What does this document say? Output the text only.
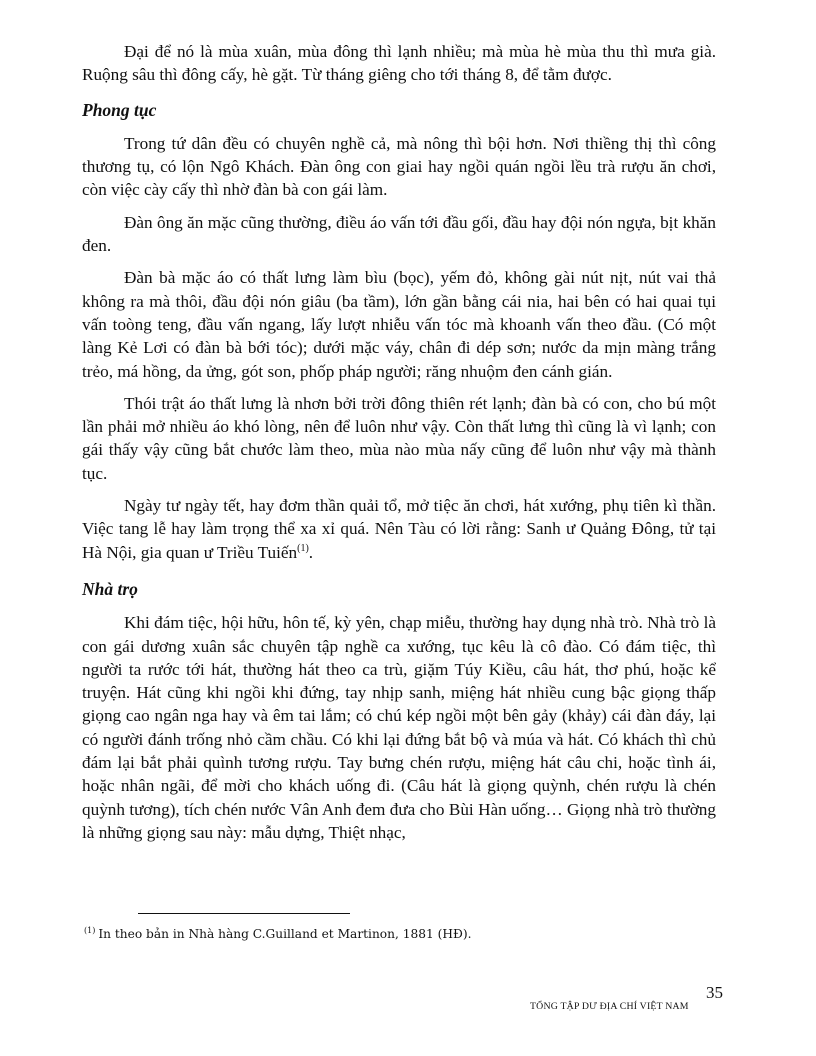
Đại để nó là mùa xuân, mùa đông thì lạnh nhiều; mà mùa hè mùa thu thì mưa già. Ruộng sâu thì đông cấy, hè gặt. Từ tháng giêng cho tới tháng 8, để tằm được.

Phong tục

Trong tứ dân đều có chuyên nghề cả, mà nông thì bội hơn. Nơi thiềng thị thì công thương tụ, có lộn Ngô Khách. Đàn ông con giai hay ngồi quán ngồi lều trà rượu ăn chơi, còn việc cày cấy thì nhờ đàn bà con gái làm.

Đàn ông ăn mặc cũng thường, điều áo vấn tới đầu gối, đầu hay đội nón ngựa, bịt khăn đen.

Đàn bà mặc áo có thất lưng làm bìu (bọc), yếm đỏ, không gài nút nịt, nút vai thả không ra mà thôi, đầu đội nón giâu (ba tầm), lớn gần bằng cái nia, hai bên có hai quai tụi vấn toòng teng, đầu vấn ngang, lấy lượt nhiễu vấn tóc mà khoanh vấn theo đầu. (Có một làng Kẻ Lơi có đàn bà bới tóc); dưới mặc váy, chân đi dép sơn; nước da mịn màng trắng trẻo, má hồng, da ửng, gót son, phốp pháp người; răng nhuộm đen cánh gián.

Thói trật áo thất lưng là nhơn bởi trời đông thiên rét lạnh; đàn bà có con, cho bú một lần phải mở nhiều áo khó lòng, nên để luôn như vậy. Còn thất lưng thì cũng là vì lạnh; con gái thấy vậy cũng bắt chước làm theo, mùa nào mùa nấy cũng để luôn như vậy mà thành tục.

Ngày tư ngày tết, hay đơm thần quải tổ, mở tiệc ăn chơi, hát xướng, phụ tiên kì thần. Việc tang lễ hay làm trọng thể xa xỉ quá. Nên Tàu có lời rằng: Sanh ư Quảng Đông, tử tại Hà Nội, gia quan ư Triều Tuiến$^{(1)}$.

Nhà trọ

Khi đám tiệc, hội hữu, hôn tế, kỳ yên, chạp miễu, thường hay dụng nhà trò. Nhà trò là con gái dương xuân sắc chuyên tập nghề ca xướng, tục kêu là cô đào. Có đám tiệc, thì người ta rước tới hát, thường hát theo ca trù, giặm Túy Kiều, câu hát, thơ phú, hoặc kể truyện. Hát cũng khi ngồi khi đứng, tay nhịp sanh, miệng hát nhiều cung bậc giọng thấp giọng cao ngân nga hay và êm tai lắm; có chú kép ngồi một bên gảy (khảy) cái đàn đáy, lại có người đánh trống nhỏ cầm chầu. Có khi lại đứng bắt bộ và múa và hát. Có khách thì chủ đám lại bắt phải quình tương rượu. Tay bưng chén rượu, miệng hát câu chi, hoặc tình ái, hoặc nhân ngãi, để mời cho khách uống đi. (Câu hát là giọng quỳnh, chén rượu là chén quỳnh tương), tích chén nước Vân Anh đem đưa cho Bùi Hàn uống… Giọng nhà trò thường là những giọng sau này: mẫu dựng, Thiệt nhạc,

$^{(1)}$ In theo bản in Nhà hàng C.Guilland et Martinon, 1881 (HĐ).
35
TỔNG TẬP DƯ ĐỊA CHÍ VIỆT NAM
